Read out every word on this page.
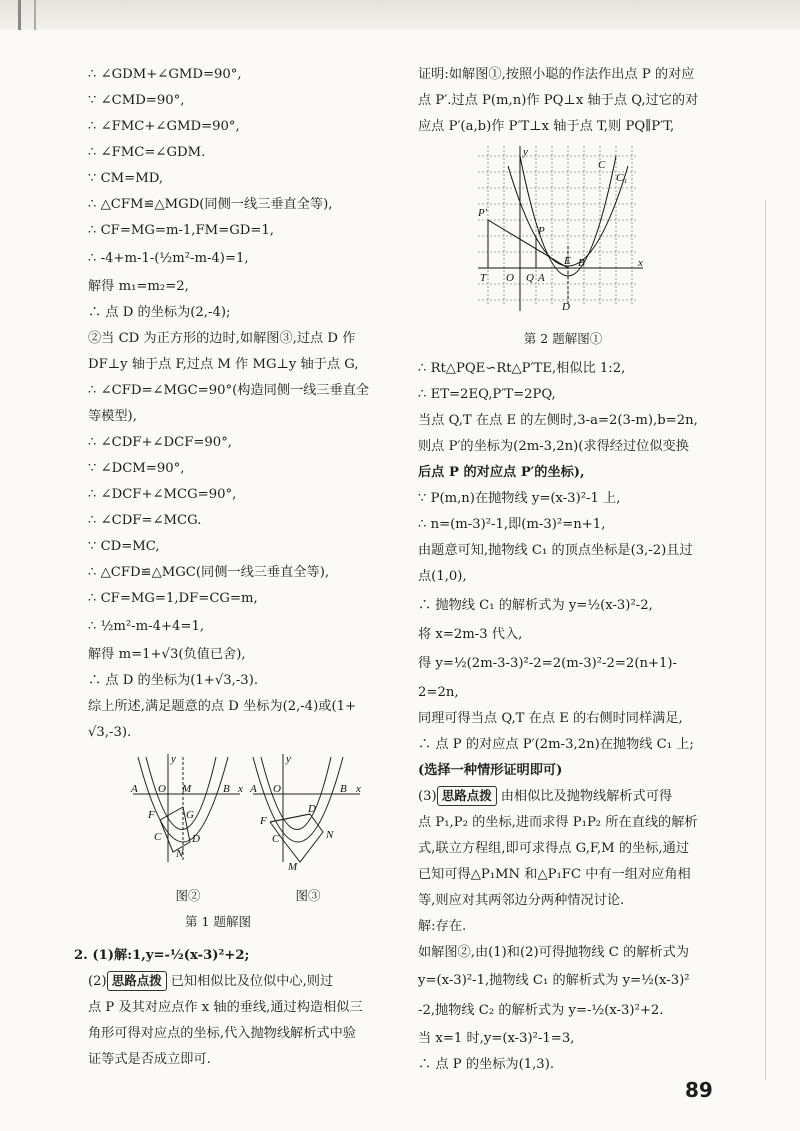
∴ ∠GDM+∠GMD=90°,
∵ ∠CMD=90°,
∴ ∠FMC+∠GMD=90°,
∴ ∠FMC=∠GDM.
∵ CM=MD,
∴ △CFM≌△MGD(同侧一线三垂直全等),
∴ CF=MG=m-1,FM=GD=1,
∴ -4+m-1-(½m²-m-4)=1,
解得 m₁=m₂=2,
∴ 点 D 的坐标为(2,-4);
②当 CD 为正方形的边时,如解图③,过点 D 作
DF⊥y 轴于点 F,过点 M 作 MG⊥y 轴于点 G,
∴ ∠CFD=∠MGC=90°(构造同侧一线三垂直全
等模型),
∴ ∠CDF+∠DCF=90°,
∵ ∠DCM=90°,
∴ ∠DCF+∠MCG=90°,
∴ ∠CDF=∠MCG.
∵ CD=MC,
∴ △CFD≌△MGC(同侧一线三垂直全等),
∴ CF=MG=1,DF=CG=m,
∴ ½m²-m-4+4=1,
解得 m=1+√3(负值已舍),
∴ 点 D 的坐标为(1+√3,-3).
综上所述,满足题意的点 D 坐标为(2,-4)或(1+
√3,-3).
A O M	B x
y
F	G
C	D
N
A O	B x
y
F
C
D
N
M
图②	图③
第 1 题解图
2. (1)解:1,y=-½(x-3)²+2;
(2) 思路点拨 已知相似比及位似中心,则过
点 P 及其对应点作 x 轴的垂线,通过构造相似三
角形可得对应点的坐标,代入抛物线解析式中验
证等式是否成立即可.
证明:如解图①,按照小聪的作法作出点 P 的对应
点 P′.过点 P(m,n)作 PQ⊥x 轴于点 Q,过它的对
应点 P′(a,b)作 P′T⊥x 轴于点 T,则 PQ∥P′T,
y
x
C
C₁
P′
P
T O Q A
E B
D
第 2 题解图①
∴ Rt△PQE∽Rt△P′TE,相似比 1:2,
∴ ET=2EQ,P′T=2PQ,
当点 Q,T 在点 E 的左侧时,3-a=2(3-m),b=2n,
则点 P′的坐标为(2m-3,2n)(求得经过位似变换
后点 P 的对应点 P′的坐标),
∵ P(m,n)在抛物线 y=(x-3)²-1 上,
∴ n=(m-3)²-1,即(m-3)²=n+1,
由题意可知,抛物线 C₁ 的顶点坐标是(3,-2)且过
点(1,0),
∴ 抛物线 C₁ 的解析式为 y=½(x-3)²-2,
将 x=2m-3 代入,
得 y=½(2m-3-3)²-2=2(m-3)²-2=2(n+1)-
2=2n,
同理可得当点 Q,T 在点 E 的右侧时同样满足,
∴ 点 P 的对应点 P′(2m-3,2n)在抛物线 C₁ 上;
(选择一种情形证明即可)
(3) 思路点拨 由相似比及抛物线解析式可得
点 P₁,P₂ 的坐标,进而求得 P₁P₂ 所在直线的解析
式,联立方程组,即可求得点 G,F,M 的坐标,通过
已知可得△P₁MN 和△P₁FC 中有一组对应角相
等,则应对其两邻边分两种情况讨论.
解:存在.
如解图②,由(1)和(2)可得抛物线 C 的解析式为
y=(x-3)²-1,抛物线 C₁ 的解析式为 y=½(x-3)²
-2,抛物线 C₂ 的解析式为 y=-½(x-3)²+2.
当 x=1 时,y=(x-3)²-1=3,
∴ 点 P 的坐标为(1,3).
89
